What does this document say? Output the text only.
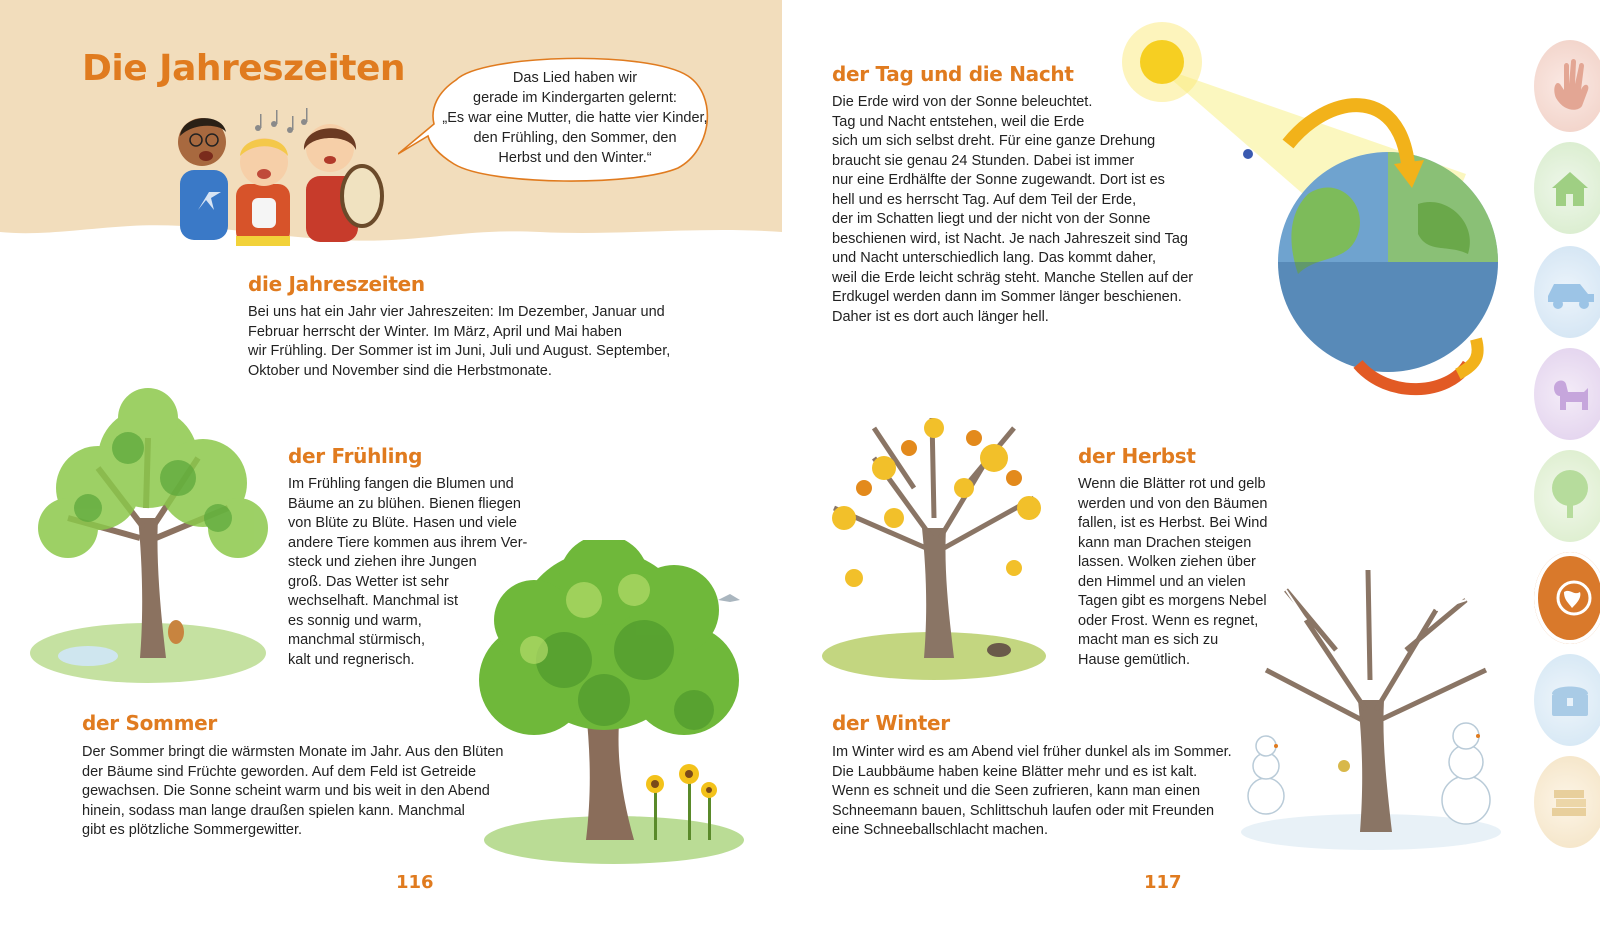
Die Jahreszeiten	Das Lied haben wir
gerade im Kindergarten gelernt:
„Es war eine Mutter, die hatte vier Kinder,
den Frühling, den Sommer, den
Herbst und den Winter.“
die Jahreszeiten

Bei uns hat ein Jahr vier Jahreszeiten: Im Dezember, Januar und
Februar herrscht der Winter. Im März, April und Mai haben
wir Frühling. Der Sommer ist im Juni, Juli und August. September,
Oktober und November sind die Herbstmonate.

der Frühling

Im Frühling fangen die Blumen und
Bäume an zu blühen. Bienen fliegen
von Blüte zu Blüte. Hasen und viele
andere Tiere kommen aus ihrem Ver-
steck und ziehen ihre Jungen
groß. Das Wetter ist sehr
wechselhaft. Manchmal ist
es sonnig und warm,
manchmal stürmisch,
kalt und regnerisch.

der Sommer

Der Sommer bringt die wärmsten Monate im Jahr. Aus den Blüten
der Bäume sind Früchte geworden. Auf dem Feld ist Getreide
gewachsen. Die Sonne scheint warm und bis weit in den Abend
hinein, sodass man lange draußen spielen kann. Manchmal
gibt es plötzliche Sommergewitter.

116
der Tag und die Nacht

Die Erde wird von der Sonne beleuchtet.
Tag und Nacht entstehen, weil die Erde
sich um sich selbst dreht. Für eine ganze Drehung
braucht sie genau 24 Stunden. Dabei ist immer
nur eine Erdhälfte der Sonne zugewandt. Dort ist es
hell und es herrscht Tag. Auf dem Teil der Erde,
der im Schatten liegt und der nicht von der Sonne
beschienen wird, ist Nacht. Je nach Jahreszeit sind Tag
und Nacht unterschiedlich lang. Das kommt daher,
weil die Erde leicht schräg steht. Manche Stellen auf der
Erdkugel werden dann im Sommer länger beschienen.
Daher ist es dort auch länger hell.

der Herbst

Wenn die Blätter rot und gelb
werden und von den Bäumen
fallen, ist es Herbst. Bei Wind
kann man Drachen steigen
lassen. Wolken ziehen über
den Himmel und an vielen
Tagen gibt es morgens Nebel
oder Frost. Wenn es regnet,
macht man es sich zu
Hause gemütlich.

der Winter

Im Winter wird es am Abend viel früher dunkel als im Sommer.
Die Laubbäume haben keine Blätter mehr und es ist kalt.
Wenn es schneit und die Seen zufrieren, kann man einen
Schneemann bauen, Schlittschuh laufen oder mit Freunden
eine Schneeballschlacht machen.

117
